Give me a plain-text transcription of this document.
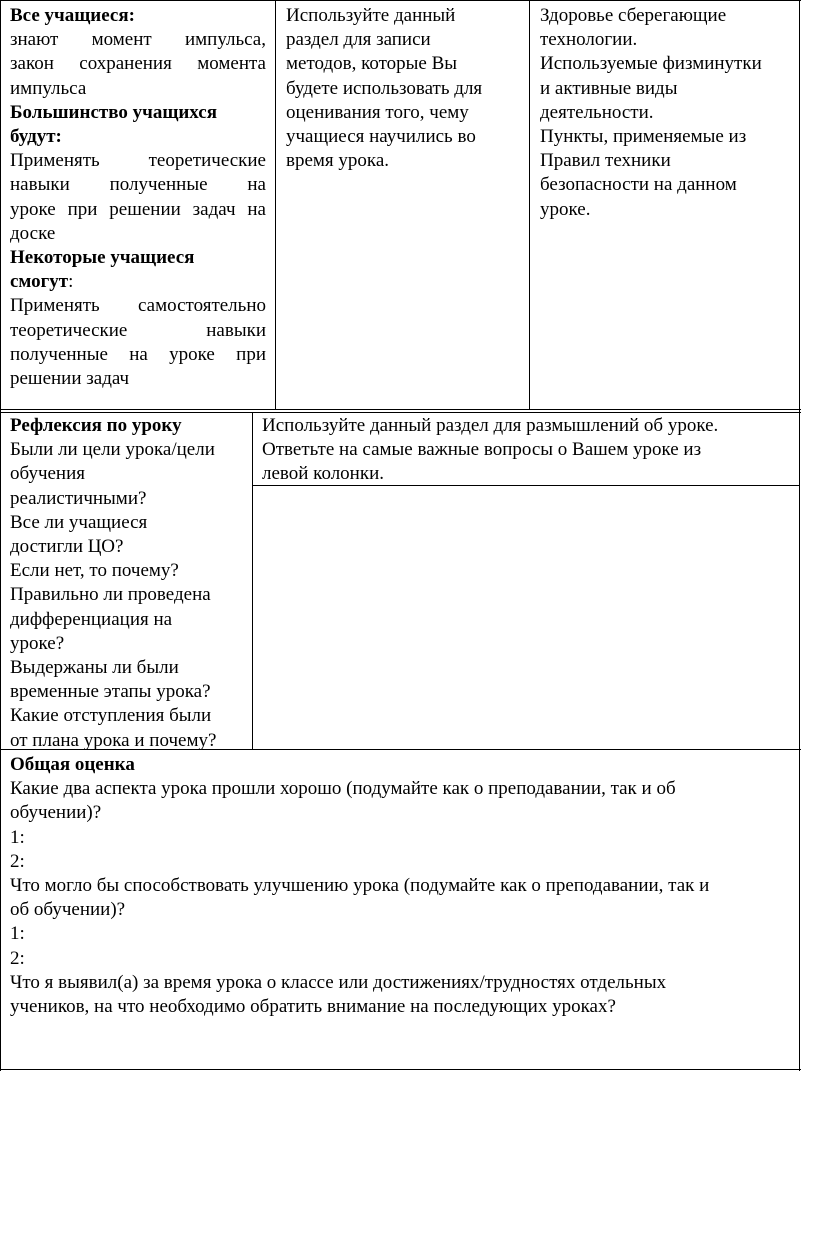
Все учащиеся:
знают момент импульса,
закон сохранения момента
импульса
Большинство учащихся
будут:
Применять теоретические
навыки полученные на
уроке при решении задач на
доске
Некоторые учащиеся
смогут:
Применять самостоятельно
теоретические навыки
полученные на уроке при
решении задач
Используйте данный
раздел для записи
методов, которые Вы
будете использовать для
оценивания того, чему
учащиеся научились во
время урока.
Здоровье сберегающие
технологии.
Используемые физминутки
и активные виды
деятельности.
Пункты, применяемые из
Правил техники
безопасности на данном
уроке.
Рефлексия по уроку
Были ли цели урока/цели
обучения
реалистичными?
Все ли учащиеся
достигли ЦО?
Если нет, то почему?
Правильно ли проведена
дифференциация на
уроке?
Выдержаны ли были
временные этапы урока?
Какие отступления были
от плана урока и почему?
Используйте данный раздел для размышлений об уроке.
Ответьте на самые важные вопросы о Вашем уроке из
левой колонки.
Общая оценка
Какие два аспекта урока прошли хорошо (подумайте как о преподавании, так и об
обучении)?
1:
2:
Что могло бы способствовать улучшению урока (подумайте как о преподавании, так и
об обучении)?
1:
2:
Что я выявил(а) за время урока о классе или достижениях/трудностях отдельных
учеников, на что необходимо обратить внимание на последующих уроках?
